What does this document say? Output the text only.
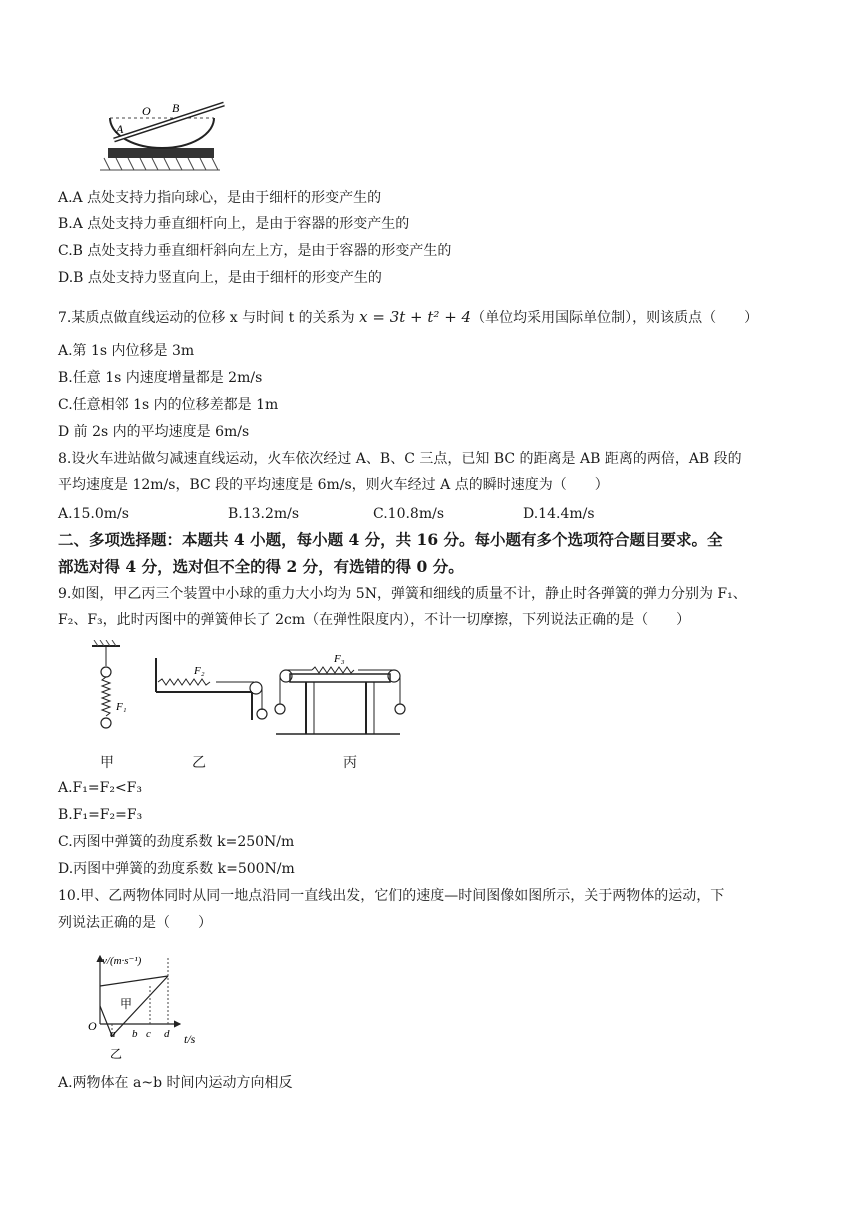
O B
A
A.A 点处支持力指向球心，是由于细杆的形变产生的
B.A 点处支持力垂直细杆向上，是由于容器的形变产生的
C.B 点处支持力垂直细杆斜向左上方，是由于容器的形变产生的
D.B 点处支持力竖直向上，是由于细杆的形变产生的
7.某质点做直线运动的位移 x 与时间 t 的关系为 x = 3t + t² + 4（单位均采用国际单位制），则该质点（　　）
A.第 1s 内位移是 3m
B.任意 1s 内速度增量都是 2m/s
C.任意相邻 1s 内的位移差都是 1m
D 前 2s 内的平均速度是 6m/s
8.设火车进站做匀减速直线运动，火车依次经过 A、B、C 三点，已知 BC 的距离是 AB 距离的两倍，AB 段的
平均速度是 12m/s，BC 段的平均速度是 6m/s，则火车经过 A 点的瞬时速度为（　　）
A.15.0m/s	B.13.2m/s	C.10.8m/s	D.14.4m/s
二、多项选择题：本题共 4 小题，每小题 4 分，共 16 分。每小题有多个选项符合题目要求。全
部选对得 4 分，选对但不全的得 2 分，有选错的得 0 分。
9.如图，甲乙丙三个装置中小球的重力大小均为 5N，弹簧和细线的质量不计，静止时各弹簧的弹力分别为 F₁、
F₂、F₃，此时丙图中的弹簧伸长了 2cm（在弹性限度内），不计一切摩擦，下列说法正确的是（　　）
F₁
F₂
F₃
甲	乙	丙
A.F₁=F₂<F₃
B.F₁=F₂=F₃
C.丙图中弹簧的劲度系数 k=250N/m
D.丙图中弹簧的劲度系数 k=500N/m
10.甲、乙两物体同时从同一地点沿同一直线出发，它们的速度—时间图像如图所示，关于两物体的运动，下
列说法正确的是（　　）
v/(m·s⁻¹)
t/s
O
甲
乙
a b c d
A.两物体在 a~b 时间内运动方向相反
